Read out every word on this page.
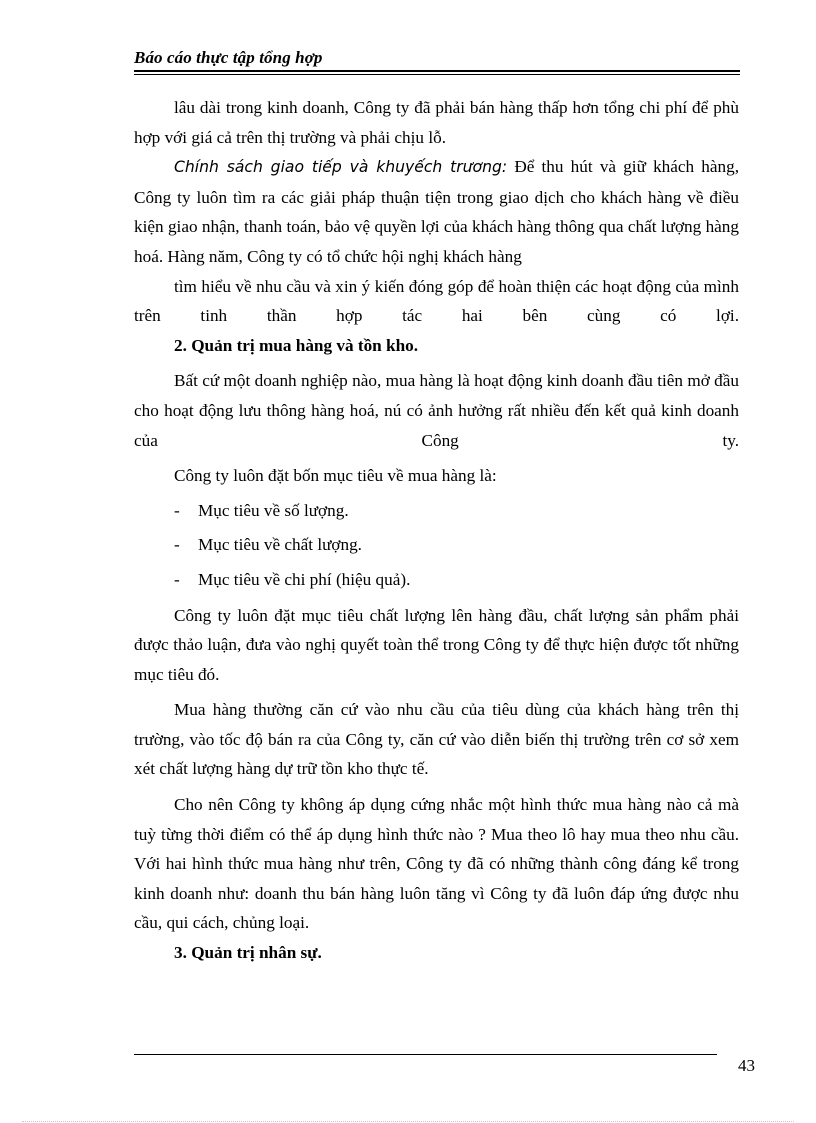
Báo cáo thực tập tổng hợp

lâu dài trong kinh doanh, Công ty đã phải bán hàng thấp hơn tổng chi phí để phù hợp với giá cả trên thị trường và phải chịu lỗ.

Chính sách giao tiếp và khuyếch trương: Để thu hút và giữ khách hàng, Công ty luôn tìm ra các giải pháp thuận tiện trong giao dịch cho khách hàng về điều kiện giao nhận, thanh toán, bảo vệ quyền lợi của khách hàng thông qua chất lượng hàng hoá. Hàng năm, Công ty có tổ chức hội nghị khách hàng

tìm hiểu về nhu cầu và xin ý kiến đóng góp để hoàn thiện các hoạt động của mình trên tinh thần hợp tác hai bên cùng có lợi.

2. Quản trị mua hàng và tồn kho.

Bất cứ một doanh nghiệp nào, mua hàng là hoạt động kinh doanh đầu tiên mở đầu cho hoạt động lưu thông hàng hoá, nú có ảnh hưởng rất nhiều đến kết quả kinh doanh của Công ty.

Công ty luôn đặt bốn mục tiêu về mua hàng là:

- Mục tiêu về số lượng.
- Mục tiêu về chất lượng.
- Mục tiêu về chi phí (hiệu quả).

Công ty luôn đặt mục tiêu chất lượng lên hàng đầu, chất lượng sản phẩm phải được thảo luận, đưa vào nghị quyết toàn thể trong Công ty để thực hiện được tốt những mục tiêu đó.

Mua hàng thường căn cứ vào nhu cầu của tiêu dùng của khách hàng trên thị trường, vào tốc độ bán ra của Công ty, căn cứ vào diễn biến thị trường trên cơ sở xem xét chất lượng hàng dự trữ tồn kho thực tế.

Cho nên Công ty không áp dụng cứng nhắc một hình thức mua hàng nào cả mà tuỳ từng thời điểm có thể áp dụng hình thức nào ? Mua theo lô hay mua theo nhu cầu. Với hai hình thức mua hàng như trên, Công ty đã có những thành công đáng kể trong kinh doanh như: doanh thu bán hàng luôn tăng vì Công ty đã luôn đáp ứng được nhu cầu, qui cách, chủng loại.

3. Quản trị nhân sự.

43
